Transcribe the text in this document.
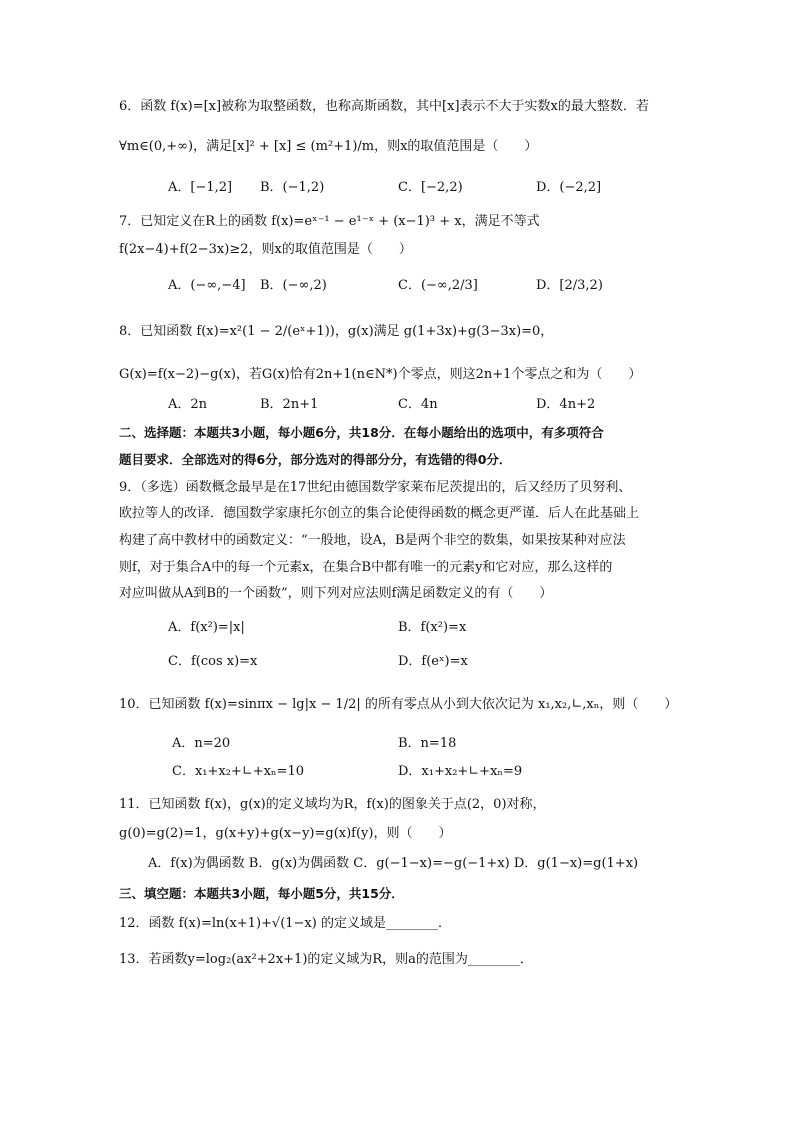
6．函数 f(x)=[x]被称为取整函数，也称高斯函数，其中[x]表示不大于实数x的最大整数．若
∀m∈(0,+∞)，满足[x]² + [x] ≤ (m²+1)/m，则x的取值范围是（　　）
A．[−1,2] B．(−1,2)	C．[−2,2)	D．(−2,2]
7．已知定义在R上的函数 f(x)=eˣ⁻¹ − e¹⁻ˣ + (x−1)³ + x，满足不等式
f(2x−4)+f(2−3x)≥2，则x的取值范围是（　　）
A．(−∞,−4] B．(−∞,2)	C．(−∞,2/3]	D．[2/3,2)
8．已知函数 f(x)=x²(1 − 2/(eˣ+1))，g(x)满足 g(1+3x)+g(3−3x)=0，
G(x)=f(x−2)−g(x)，若G(x)恰有2n+1(n∈N*)个零点，则这2n+1个零点之和为（　　）
A．2n	B．2n+1	C．4n	D．4n+2
二、选择题：本题共3小题，每小题6分，共18分．在每小题给出的选项中，有多项符合
题目要求．全部选对的得6分，部分选对的得部分分，有选错的得0分．
9．（多选）函数概念最早是在17世纪由德国数学家莱布尼茨提出的，后又经历了贝努利、
欧拉等人的改译．德国数学家康托尔创立的集合论使得函数的概念更严谨．后人在此基础上
构建了高中教材中的函数定义：“一般地，设A，B是两个非空的数集，如果按某种对应法
则f，对于集合A中的每一个元素x，在集合B中都有唯一的元素y和它对应，那么这样的
对应叫做从A到B的一个函数”，则下列对应法则f满足函数定义的有（　　）
A．f(x²)=|x|	B．f(x²)=x
C．f(cos x)=x	D．f(eˣ)=x
10．已知函数 f(x)=sinπx − lg|x − 1/2| 的所有零点从小到大依次记为 x₁,x₂,∟,xₙ，则（　　）
A．n=20	B．n=18
C．x₁+x₂+∟+xₙ=10	D．x₁+x₂+∟+xₙ=9
11．已知函数 f(x)，g(x)的定义域均为R，f(x)的图象关于点(2，0)对称，
g(0)=g(2)=1，g(x+y)+g(x−y)=g(x)f(y)，则（　　）
A．f(x)为偶函数 B．g(x)为偶函数 C．g(−1−x)=−g(−1+x) D．g(1−x)=g(1+x)
三、填空题：本题共3小题，每小题5分，共15分．
12．函数 f(x)=ln(x+1)+√(1−x) 的定义域是________．
13．若函数y=log₂(ax²+2x+1)的定义域为R，则a的范围为________．
